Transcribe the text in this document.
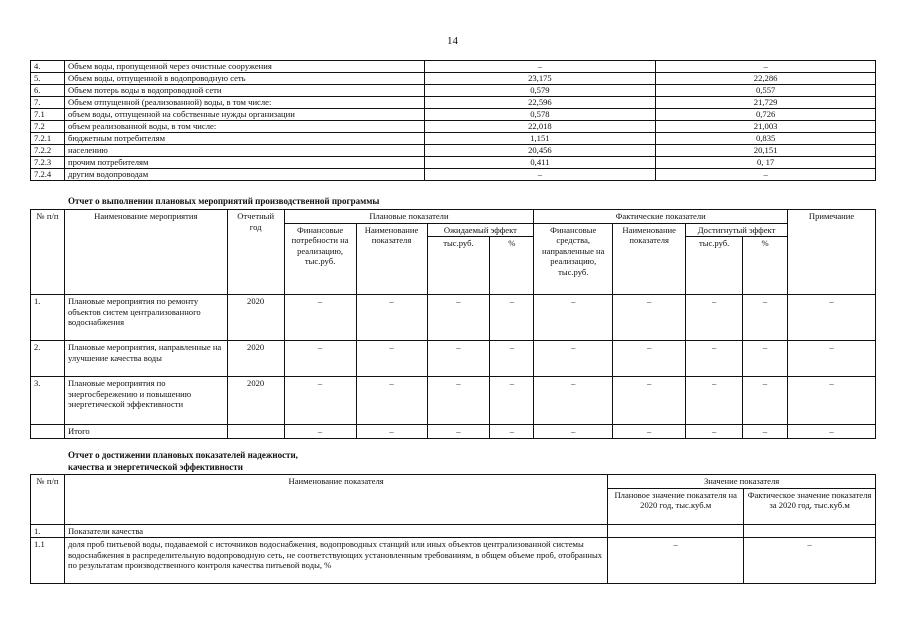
14
4.	Объем воды, пропущенной через очистные сооружения	–	–
5.	Объем воды, отпущенной в водопроводную сеть	23,175	22,286
6.	Объем потерь воды в водопроводной сети	0,579	0,557
7.	Объем отпущенной (реализованной) воды, в том числе:	22,596	21,729
7.1	объем воды, отпущенной на собственные нужды организации	0,578	0,726
7.2	объем реализованной воды, в том числе:	22,018	21,003
7.2.1	бюджетным потребителям	1,151	0,835
7.2.2	населению	20,456	20,151
7.2.3	прочим потребителям	0,411	0, 17
7.2.4	другим водопроводам	–	–
Отчет о выполнении плановых мероприятий производственной программы
№ п/п	Наименование мероприятия	Отчетный год	Плановые показатели				Фактические показатели				Примечание
			Финансовые потребности на реализацию, тыс.руб.	Наименование показателя	Ожидаемый эффект		Финансовые средства, направленные на реализацию, тыс.руб.	Наименование показателя	Достигнутый эффект		
					тыс.руб.	%			тыс.руб.	%	
1.	Плановые мероприятия по ремонту объектов систем централизованного водоснабжения	2020	–	–	–	–	–	–	–	–	–
2.	Плановые мероприятия, направленные на улучшение качества воды	2020	–	–	–	–	–	–	–	–	–
3.	Плановые мероприятия по энергосбережению и повышению энергетической эффективности	2020	–	–	–	–	–	–	–	–	–
	Итого		–	–	–	–	–	–	–	–	–
Отчет о достижении плановых показателей надежности,
качества и энергетической эффективности
№ п/п	Наименование показателя	Значение показателя	
		Плановое значение показателя на 2020 год, тыс.куб.м	Фактическое значение показателя за 2020 год, тыс.куб.м
1.	Показатели качества		
1.1	доля проб питьевой воды, подаваемой с источников водоснабжения, водопроводных станций или иных объектов централизованной системы водоснабжения в распределительную водопроводную сеть, не соответствующих установленным требованиям, в общем объеме проб, отобранных по результатам производственного контроля качества питьевой воды, %	–	–
